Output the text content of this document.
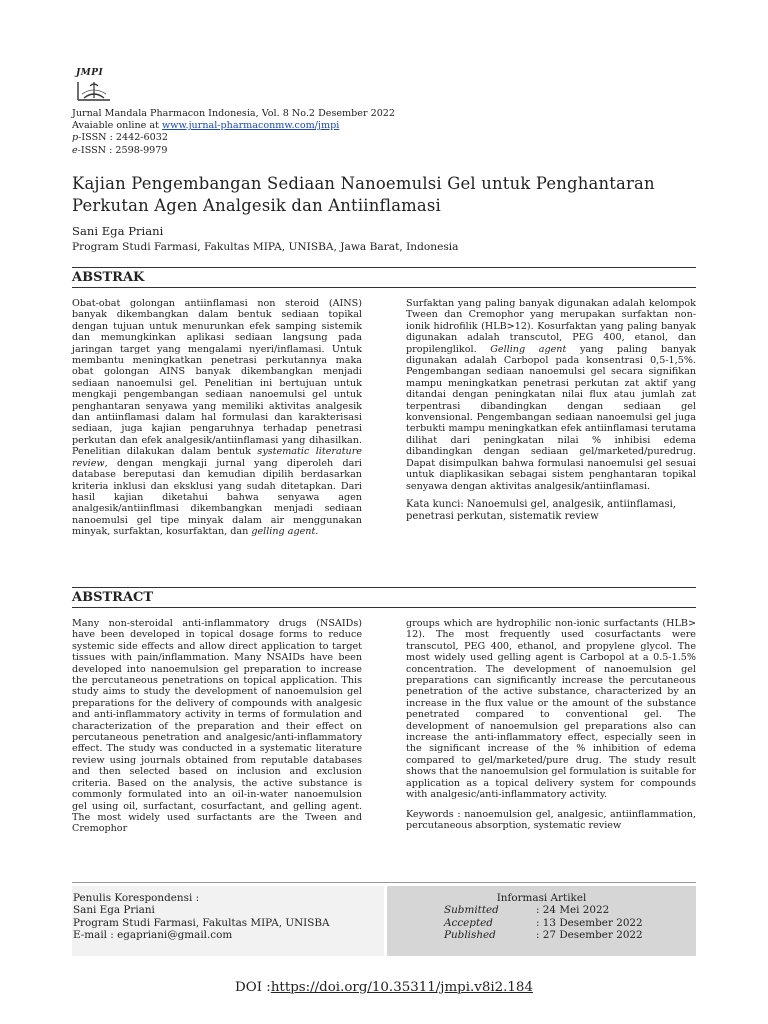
JMPI
Jurnal Mandala Pharmacon Indonesia, Vol. 8 No.2 Desember 2022
Avaiable online at www.jurnal-pharmaconmw.com/jmpi
p-ISSN : 2442-6032
e-ISSN : 2598-9979
Kajian Pengembangan Sediaan Nanoemulsi Gel untuk Penghantaran Perkutan Agen Analgesik dan Antiinflamasi
Sani Ega Priani
Program Studi Farmasi, Fakultas MIPA, UNISBA, Jawa Barat, Indonesia
ABSTRAK

Obat-obat golongan antiinflamasi non steroid (AINS) banyak dikembangkan dalam bentuk sediaan topikal dengan tujuan untuk menurunkan efek samping sistemik dan memungkinkan aplikasi sediaan langsung pada jaringan target yang mengalami nyeri/inflamasi. Untuk membantu meningkatkan penetrasi perkutannya maka obat golongan AINS banyak dikembangkan menjadi sediaan nanoemulsi gel. Penelitian ini bertujuan untuk mengkaji pengembangan sediaan nanoemulsi gel untuk penghantaran senyawa yang memiliki aktivitas analgesik dan antiinflamasi dalam hal formulasi dan karakterisasi sediaan, juga kajian pengaruhnya terhadap penetrasi perkutan dan efek analgesik/antiinflamasi yang dihasilkan. Penelitian dilakukan dalam bentuk systematic literature review, dengan mengkaji jurnal yang diperoleh dari database bereputasi dan kemudian dipilih berdasarkan kriteria inklusi dan eksklusi yang sudah ditetapkan. Dari hasil kajian diketahui bahwa senyawa agen analgesik/antiinflmasi dikembangkan menjadi sediaan nanoemulsi gel tipe minyak dalam air menggunakan minyak, surfaktan, kosurfaktan, dan gelling agent.

Surfaktan yang paling banyak digunakan adalah kelompok Tween dan Cremophor yang merupakan surfaktan non-ionik hidrofilik (HLB>12). Kosurfaktan yang paling banyak digunakan adalah transcutol, PEG 400, etanol, dan propilenglikol. Gelling agent yang paling banyak digunakan adalah Carbopol pada konsentrasi 0,5-1,5%. Pengembangan sediaan nanoemulsi gel secara signifikan mampu meningkatkan penetrasi perkutan zat aktif yang ditandai dengan peningkatan nilai flux atau jumlah zat terpentrasi dibandingkan dengan sediaan gel konvensional. Pengembangan sediaan nanoemulsi gel juga terbukti mampu meningkatkan efek antiinflamasi terutama dilihat dari peningkatan nilai % inhibisi edema dibandingkan dengan sediaan gel/marketed/puredrug. Dapat disimpulkan bahwa formulasi nanoemulsi gel sesuai untuk diaplikasikan sebagai sistem penghantaran topikal senyawa dengan aktivitas analgesik/antiinflamasi.

Kata kunci: Nanoemulsi gel, analgesik, antiinflamasi, penetrasi perkutan, sistematik review

ABSTRACT

Many non-steroidal anti-inflammatory drugs (NSAIDs) have been developed in topical dosage forms to reduce systemic side effects and allow direct application to target tissues with pain/inflammation. Many NSAIDs have been developed into nanoemulsion gel preparation to increase the percutaneous penetrations on topical application. This study aims to study the development of nanoemulsion gel preparations for the delivery of compounds with analgesic and anti-inflammatory activity in terms of formulation and characterization of the preparation and their effect on percutaneous penetration and analgesic/anti-inflammatory effect. The study was conducted in a systematic literature review using journals obtained from reputable databases and then selected based on inclusion and exclusion criteria. Based on the analysis, the active substance is commonly formulated into an oil-in-water nanoemulsion gel using oil, surfactant, cosurfactant, and gelling agent. The most widely used surfactants are the Tween and Cremophor

groups which are hydrophilic non-ionic surfactants (HLB> 12). The most frequently used cosurfactants were transcutol, PEG 400, ethanol, and propylene glycol. The most widely used gelling agent is Carbopol at a 0.5-1.5% concentration. The development of nanoemulsion gel preparations can significantly increase the percutaneous penetration of the active substance, characterized by an increase in the flux value or the amount of the substance penetrated compared to conventional gel. The development of nanoemulsion gel preparations also can increase the anti-inflammatory effect, especially seen in the significant increase of the % inhibition of edema compared to gel/marketed/pure drug. The study result shows that the nanoemulsion gel formulation is suitable for application as a topical delivery system for compounds with analgesic/anti-inflammatory activity.

Keywords : nanoemulsion gel, analgesic, antiinflammation, percutaneous absorption, systematic review

Penulis Korespondensi :
Sani Ega Priani
Program Studi Farmasi, Fakultas MIPA, UNISBA
E-mail : egapriani@gmail.com
Informasi Artikel
Submitted	: 24 Mei 2022
Accepted	: 13 Desember 2022
Published	: 27 Desember 2022
DOI :https://doi.org/10.35311/jmpi.v8i2.184
